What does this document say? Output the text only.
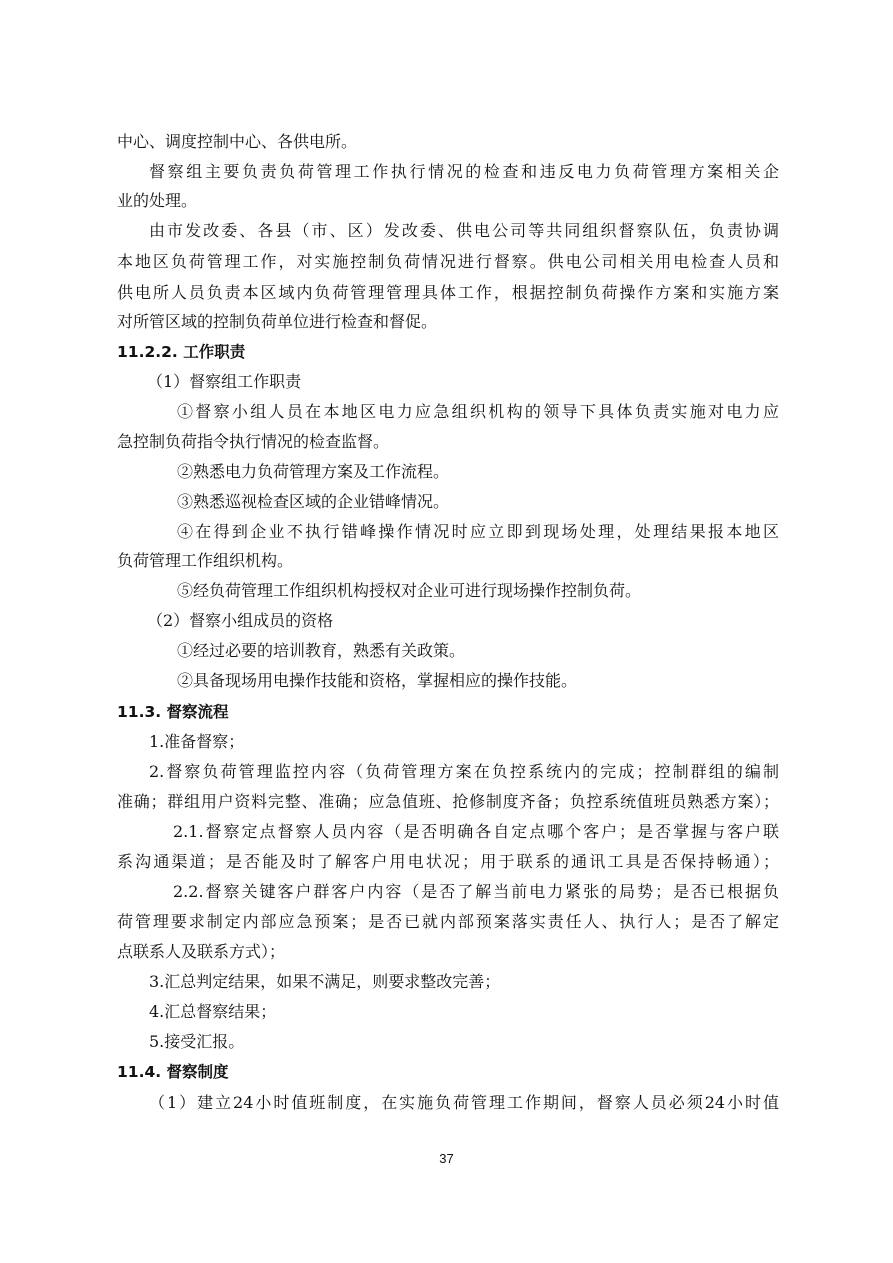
中心、调度控制中心、各供电所。

督察组主要负责负荷管理工作执行情况的检查和违反电力负荷管理方案相关企

业的处理。

由市发改委、各县（市、区）发改委、供电公司等共同组织督察队伍，负责协调

本地区负荷管理工作，对实施控制负荷情况进行督察。供电公司相关用电检查人员和

供电所人员负责本区域内负荷管理管理具体工作，根据控制负荷操作方案和实施方案

对所管区域的控制负荷单位进行检查和督促。

11.2.2. 工作职责

（1）督察组工作职责

①督察小组人员在本地区电力应急组织机构的领导下具体负责实施对电力应

急控制负荷指令执行情况的检查监督。

②熟悉电力负荷管理方案及工作流程。

③熟悉巡视检查区域的企业错峰情况。

④在得到企业不执行错峰操作情况时应立即到现场处理，处理结果报本地区

负荷管理工作组织机构。

⑤经负荷管理工作组织机构授权对企业可进行现场操作控制负荷。

（2）督察小组成员的资格

①经过必要的培训教育，熟悉有关政策。

②具备现场用电操作技能和资格，掌握相应的操作技能。

11.3. 督察流程

1.准备督察；

2.督察负荷管理监控内容（负荷管理方案在负控系统内的完成；控制群组的编制

准确；群组用户资料完整、准确；应急值班、抢修制度齐备；负控系统值班员熟悉方案）；

2.1.督察定点督察人员内容（是否明确各自定点哪个客户；是否掌握与客户联

系沟通渠道；是否能及时了解客户用电状况；用于联系的通讯工具是否保持畅通）；

2.2.督察关键客户群客户内容（是否了解当前电力紧张的局势；是否已根据负

荷管理要求制定内部应急预案；是否已就内部预案落实责任人、执行人；是否了解定

点联系人及联系方式）；

3.汇总判定结果，如果不满足，则要求整改完善；

4.汇总督察结果；

5.接受汇报。

11.4. 督察制度

（1）建立24小时值班制度，在实施负荷管理工作期间，督察人员必须24小时值

37
